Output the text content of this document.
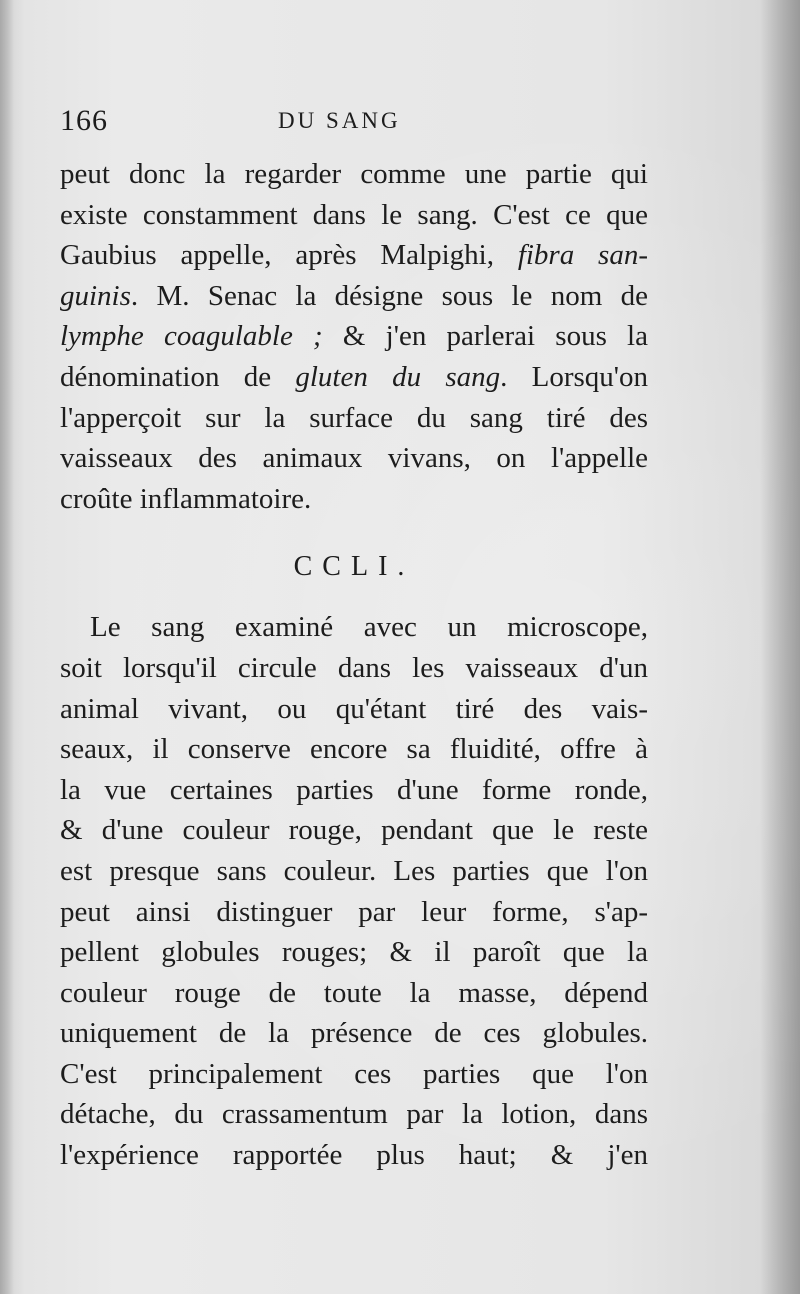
166	DU SANG
peut donc la regarder comme une partie qui
existe constamment dans le sang. C'est ce que
Gaubius appelle, après Malpighi, fibra san-
guinis. M. Senac la désigne sous le nom de
lymphe coagulable ; & j'en parlerai sous la
dénomination de gluten du sang. Lorsqu'on
l'apperçoit sur la surface du sang tiré des
vaisseaux des animaux vivans, on l'appelle
croûte inflammatoire.
CCLI.
Le sang examiné avec un microscope,
soit lorsqu'il circule dans les vaisseaux d'un
animal vivant, ou qu'étant tiré des vais-
seaux, il conserve encore sa fluidité, offre à
la vue certaines parties d'une forme ronde,
& d'une couleur rouge, pendant que le reste
est presque sans couleur. Les parties que l'on
peut ainsi distinguer par leur forme, s'ap-
pellent globules rouges; & il paroît que la
couleur rouge de toute la masse, dépend
uniquement de la présence de ces globules.
C'est principalement ces parties que l'on
détache, du crassamentum par la lotion, dans
l'expérience rapportée plus haut; & j'en
